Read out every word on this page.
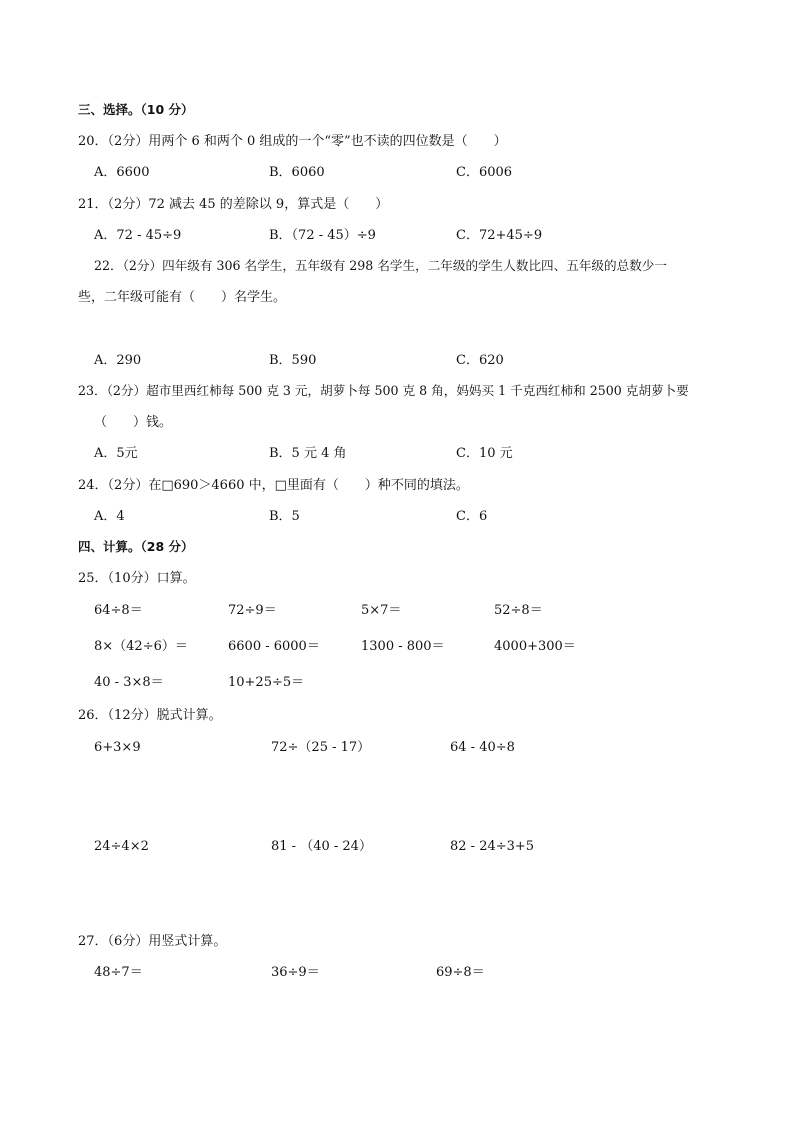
三、选择。（10 分）
20．（2分）用两个 6 和两个 0 组成的一个“零”也不读的四位数是（　　）
A．6600	B．6060	C．6006
21．（2分）72 减去 45 的差除以 9，算式是（　　）
A．72 - 45÷9	B．（72 - 45）÷9	C．72+45÷9
22．（2分）四年级有 306 名学生，五年级有 298 名学生，二年级的学生人数比四、五年级的总数少一
些，二年级可能有（　　）名学生。
A．290	B．590	C．620
23．（2分）超市里西红柿每 500 克 3 元，胡萝卜每 500 克 8 角，妈妈买 1 千克西红柿和 2500 克胡萝卜要
（　　）钱。
A．5元	B．5 元 4 角	C．10 元
24．（2分）在□690＞4660 中，□里面有（　　）种不同的填法。
A．4	B．5	C．6
四、计算。（28 分）
25．（10分）口算。
64÷8＝	72÷9＝	5×7＝	52÷8＝
8×（42÷6）＝	6600 - 6000＝	1300 - 800＝	4000+300＝
40 - 3×8＝	10+25÷5＝
26．（12分）脱式计算。
6+3×9	72÷（25 - 17）	64 - 40÷8
24÷4×2	81 - （40 - 24）	82 - 24÷3+5
27．（6分）用竖式计算。
48÷7＝	36÷9＝	69÷8＝
